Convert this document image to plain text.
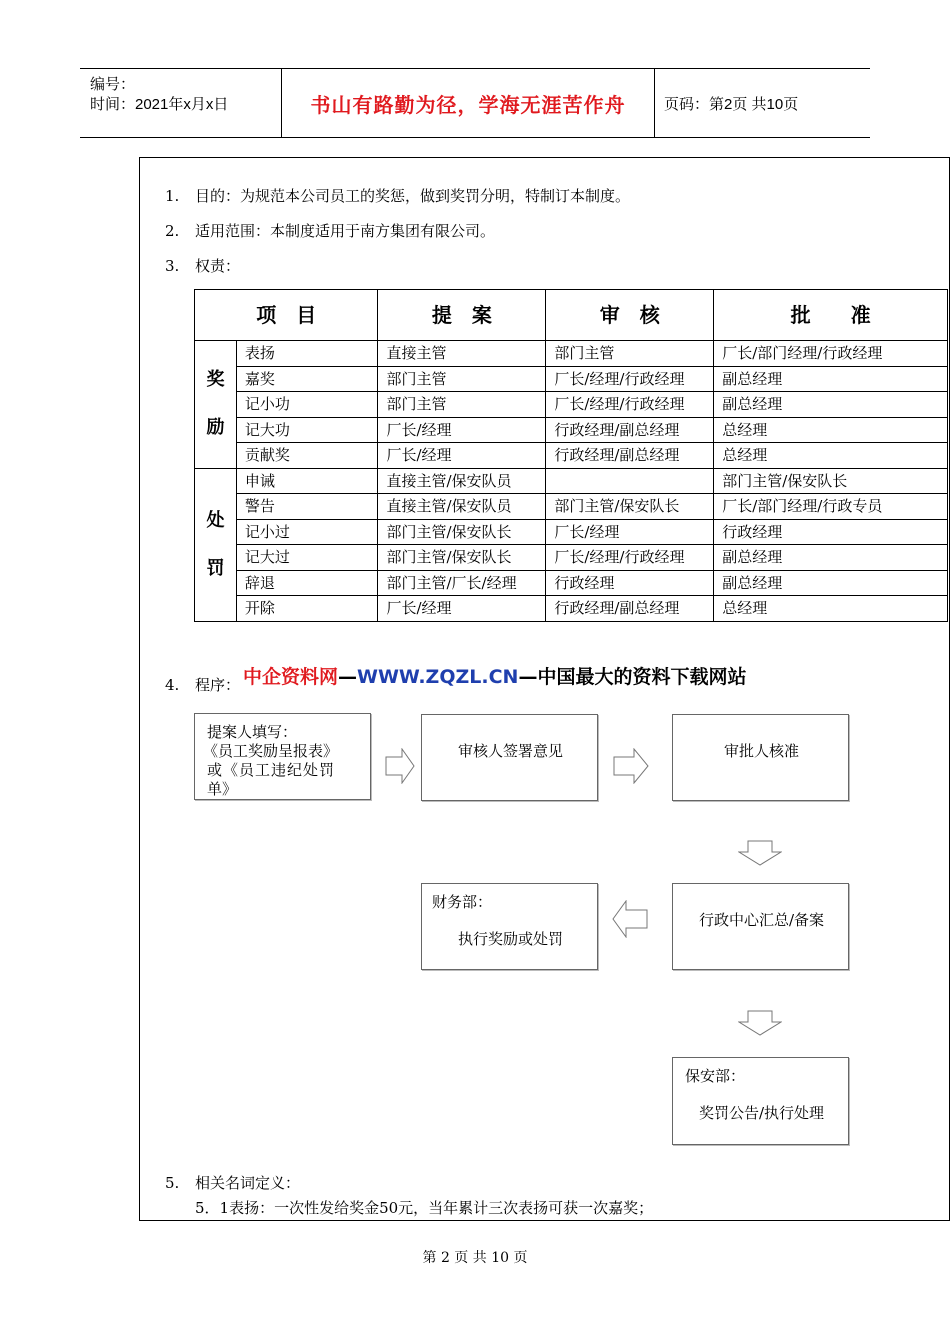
编号：
时间：2021年x月x日	书山有路勤为径，学海无涯苦作舟	页码：第2页 共10页
1. 目的：为规范本公司员工的奖惩，做到奖罚分明，特制订本制度。
2. 适用范围：本制度适用于南方集团有限公司。
3. 权责：
项　目		提　案	审　核	批　　准
奖

励	表扬	直接主管	部门主管	厂长/部门经理/行政经理
	嘉奖	部门主管	厂长/经理/行政经理	副总经理
	记小功	部门主管	厂长/经理/行政经理	副总经理
	记大功	厂长/经理	行政经理/副总经理	总经理
	贡献奖	厂长/经理	行政经理/副总经理	总经理
处

罚	申诫	直接主管/保安队员		部门主管/保安队长
	警告	直接主管/保安队员	部门主管/保安队长	厂长/部门经理/行政专员
	记小过	部门主管/保安队长	厂长/经理	行政经理
	记大过	部门主管/保安队长	厂长/经理/行政经理	副总经理
	辞退	部门主管/厂长/经理	行政经理	副总经理
	开除	厂长/经理	行政经理/副总经理	总经理
4. 程序： 中企资料网—WWW.ZQZL.CN—中国最大的资料下载网站
提案人填写：
《员工奖励呈报表》
或《员工违纪处罚
单》
审核人签署意见	审批人核准
行政中心汇总/备案
财务部：
执行奖励或处罚
保安部：
奖罚公告/执行处理
5. 相关名词定义：
5．1表扬：一次性发给奖金50元，当年累计三次表扬可获一次嘉奖；
第 2 页 共 10 页
